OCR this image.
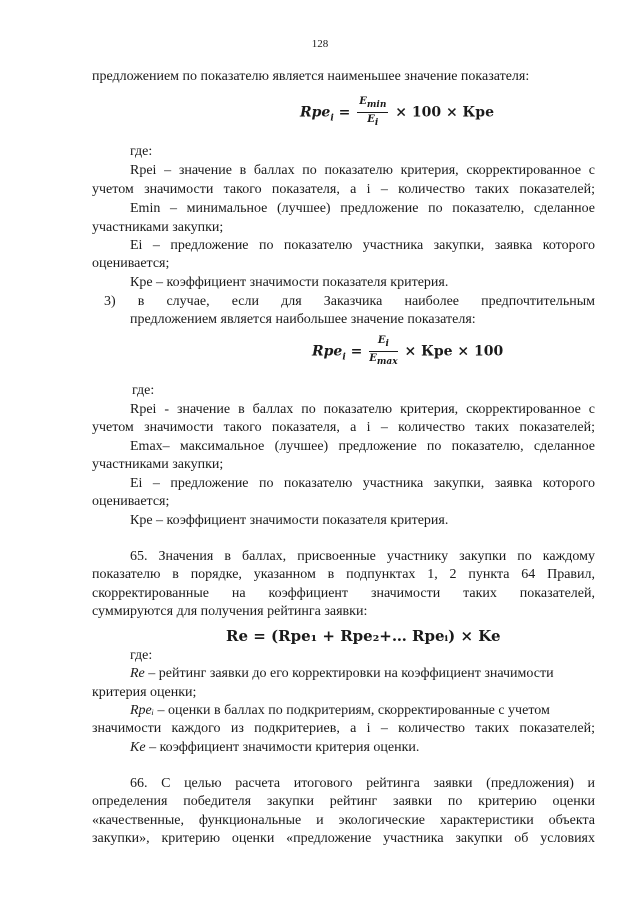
128
предложением по показателю является наименьшее значение показателя:
$Rpe_i = \frac{E_{min}}{E_i} \times 100$ × Кре
где:
Rpei – значение в баллах по показателю критерия, скорректированное с
учетом значимости такого показателя, а i – количество таких показателей;
Emin – минимальное (лучшее) предложение по показателю, сделанное
участниками закупки;
Ei – предложение по показателю участника закупки, заявка которого
оценивается;
Кре – коэффициент значимости показателя критерия.
3) в случае, если для Заказчика наиболее предпочтительным
предложением является наибольшее значение показателя:
$Rpe_i = \frac{E_i}{E_{max}}$ × Кре × 100
где:
Rpei - значение в баллах по показателю критерия, скорректированное с
учетом значимости такого показателя, а i – количество таких показателей;
Emax– максимальное (лучшее) предложение по показателю, сделанное
участниками закупки;
Ei – предложение по показателю участника закупки, заявка которого
оценивается;
Кре – коэффициент значимости показателя критерия.
65. Значения в баллах, присвоенные участнику закупки по каждому
показателю в порядке, указанном в подпунктах 1, 2 пункта 64 Правил,
скорректированные на коэффициент значимости таких показателей,
суммируются для получения рейтинга заявки:
Re = (Rpe₁ + Rpe₂+… Rpeᵢ) × Ke
где:
Re – рейтинг заявки до его корректировки на коэффициент значимости
критерия оценки;
Rpeᵢ – оценки в баллах по подкритериям, скорректированные с учетом
значимости каждого из подкритериев, а i – количество таких показателей;
Ke – коэффициент значимости критерия оценки.
66. С целью расчета итогового рейтинга заявки (предложения) и
определения победителя закупки рейтинг заявки по критерию оценки
«качественные, функциональные и экологические характеристики объекта
закупки», критерию оценки «предложение участника закупки об условиях
